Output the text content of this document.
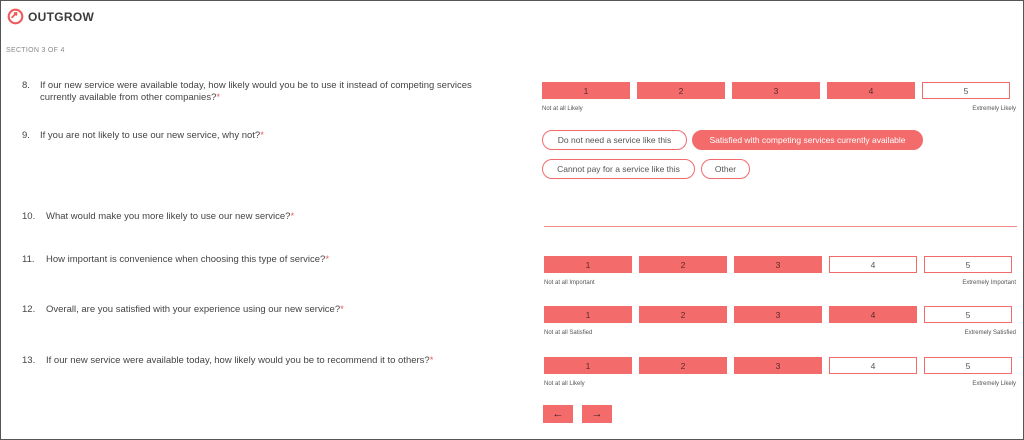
OUTGROW
SECTION 3 OF 4
8.	If our new service were available today, how likely would you be to use it instead of competing services
currently available from other companies?*
1	2	3	4	5
Not at all Likely	Extremely Likely
9.	If you are not likely to use our new service, why not?*	Do not need a service like this	Satisfied with competing services currently available
Cannot pay for a service like this	Other
10.	What would make you more likely to use our new service?*
11.	How important is convenience when choosing this type of service?*	1	2	3	4	5
Not at all Important	Extremely Important
12.	Overall, are you satisfied with your experience using our new service?*	1	2	3	4	5
Not at all Satisfied	Extremely Satisfied
13.	If our new service were available today, how likely would you be to recommend it to others?*	1	2	3	4	5
Not at all Likely	Extremely Likely
←	→
